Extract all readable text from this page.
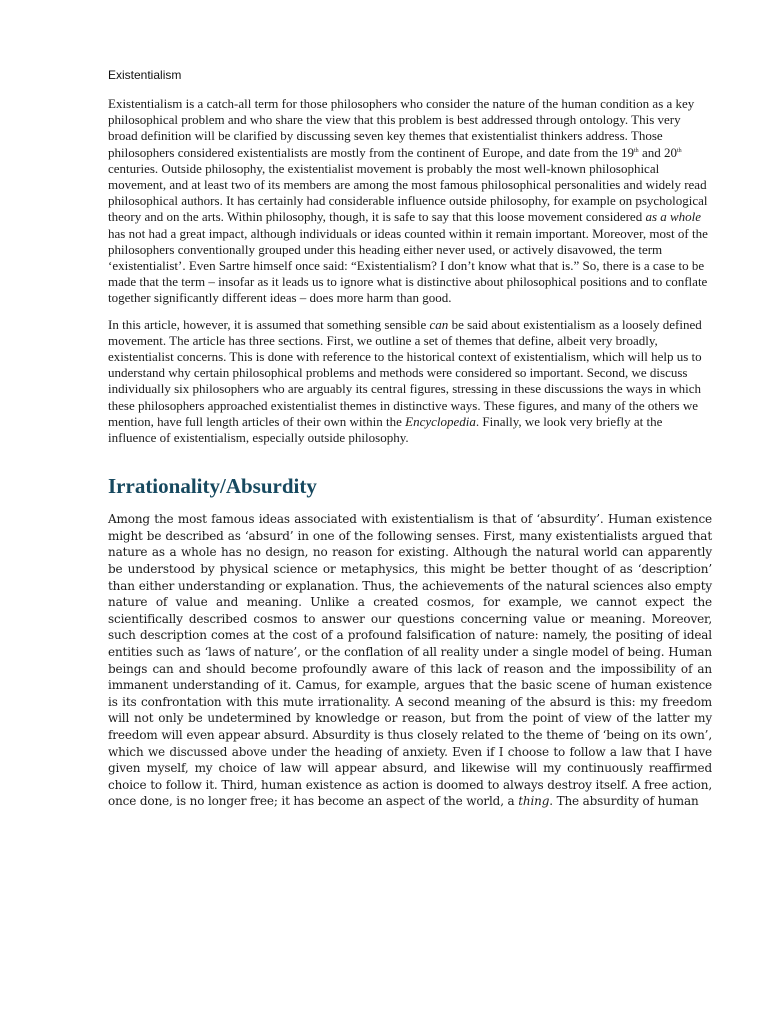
Existentialism

Existentialism is a catch-all term for those philosophers who consider the nature of the human condition as a key philosophical problem and who share the view that this problem is best addressed through ontology. This very broad definition will be clarified by discussing seven key themes that existentialist thinkers address. Those philosophers considered existentialists are mostly from the continent of Europe, and date from the 19th and 20th centuries. Outside philosophy, the existentialist movement is probably the most well-known philosophical movement, and at least two of its members are among the most famous philosophical personalities and widely read philosophical authors. It has certainly had considerable influence outside philosophy, for example on psychological theory and on the arts. Within philosophy, though, it is safe to say that this loose movement considered as a whole has not had a great impact, although individuals or ideas counted within it remain important. Moreover, most of the philosophers conventionally grouped under this heading either never used, or actively disavowed, the term ‘existentialist’. Even Sartre himself once said: “Existentialism? I don’t know what that is.” So, there is a case to be made that the term – insofar as it leads us to ignore what is distinctive about philosophical positions and to conflate together significantly different ideas – does more harm than good.

In this article, however, it is assumed that something sensible can be said about existentialism as a loosely defined movement. The article has three sections. First, we outline a set of themes that define, albeit very broadly, existentialist concerns. This is done with reference to the historical context of existentialism, which will help us to understand why certain philosophical problems and methods were considered so important. Second, we discuss individually six philosophers who are arguably its central figures, stressing in these discussions the ways in which these philosophers approached existentialist themes in distinctive ways. These figures, and many of the others we mention, have full length articles of their own within the Encyclopedia. Finally, we look very briefly at the influence of existentialism, especially outside philosophy.

Irrationality/Absurdity

Among the most famous ideas associated with existentialism is that of ‘absurdity’. Human existence might be described as ‘absurd’ in one of the following senses. First, many existentialists argued that nature as a whole has no design, no reason for existing. Although the natural world can apparently be understood by physical science or metaphysics, this might be better thought of as ‘description’ than either understanding or explanation. Thus, the achievements of the natural sciences also empty nature of value and meaning. Unlike a created cosmos, for example, we cannot expect the scientifically described cosmos to answer our questions concerning value or meaning. Moreover, such description comes at the cost of a profound falsification of nature: namely, the positing of ideal entities such as ‘laws of nature’, or the conflation of all reality under a single model of being. Human beings can and should become profoundly aware of this lack of reason and the impossibility of an immanent understanding of it. Camus, for example, argues that the basic scene of human existence is its confrontation with this mute irrationality. A second meaning of the absurd is this: my freedom will not only be undetermined by knowledge or reason, but from the point of view of the latter my freedom will even appear absurd. Absurdity is thus closely related to the theme of ‘being on its own’, which we discussed above under the heading of anxiety. Even if I choose to follow a law that I have given myself, my choice of law will appear absurd, and likewise will my continuously reaffirmed choice to follow it. Third, human existence as action is doomed to always destroy itself. A free action, once done, is no longer free; it has become an aspect of the world, a thing. The absurdity of human
